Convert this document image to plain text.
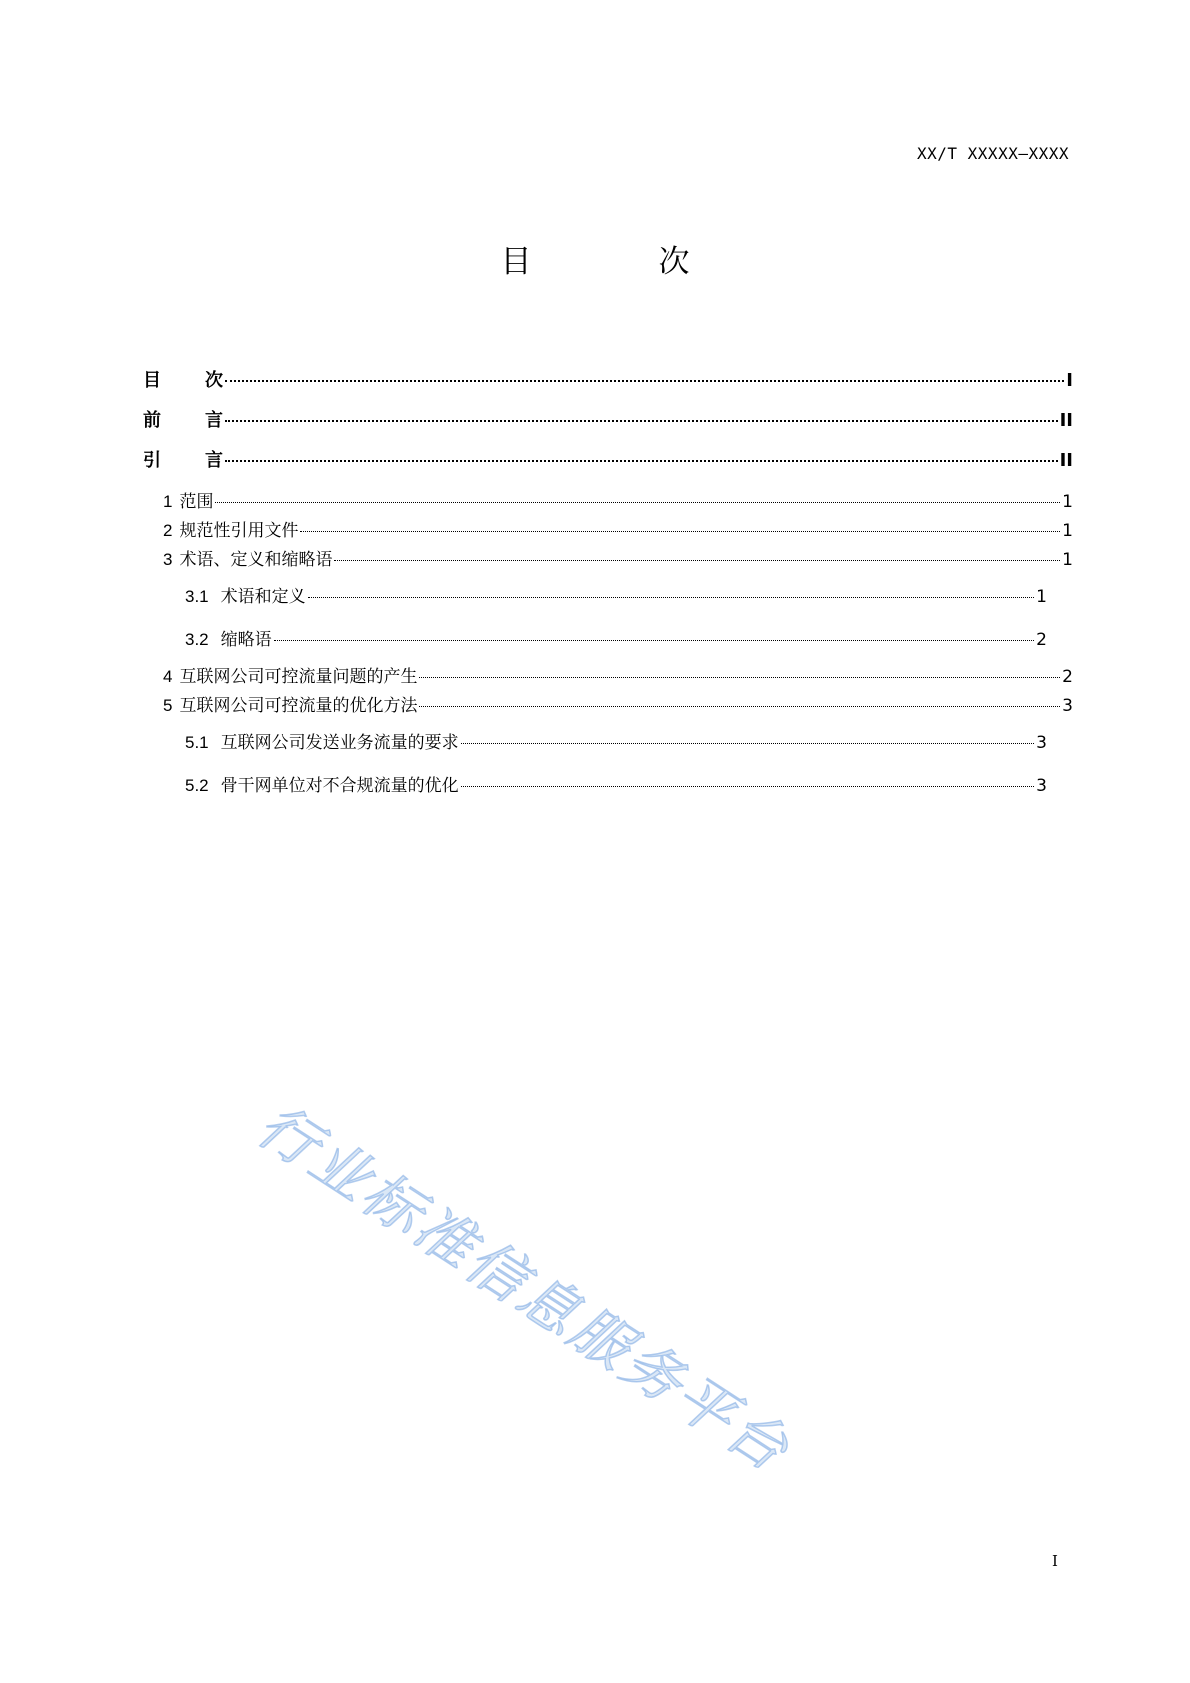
XX/T XXXXX—XXXX
目　次
目 次	I
前 言	II
引 言	II
1 范围	1
2 规范性引用文件	1
3 术语、定义和缩略语	1
3.1 术语和定义	1
3.2 缩略语	2
4 互联网公司可控流量问题的产生	2
5 互联网公司可控流量的优化方法	3
5.1 互联网公司发送业务流量的要求	3
5.2 骨干网单位对不合规流量的优化	3
行业标准信息服务平台
I
